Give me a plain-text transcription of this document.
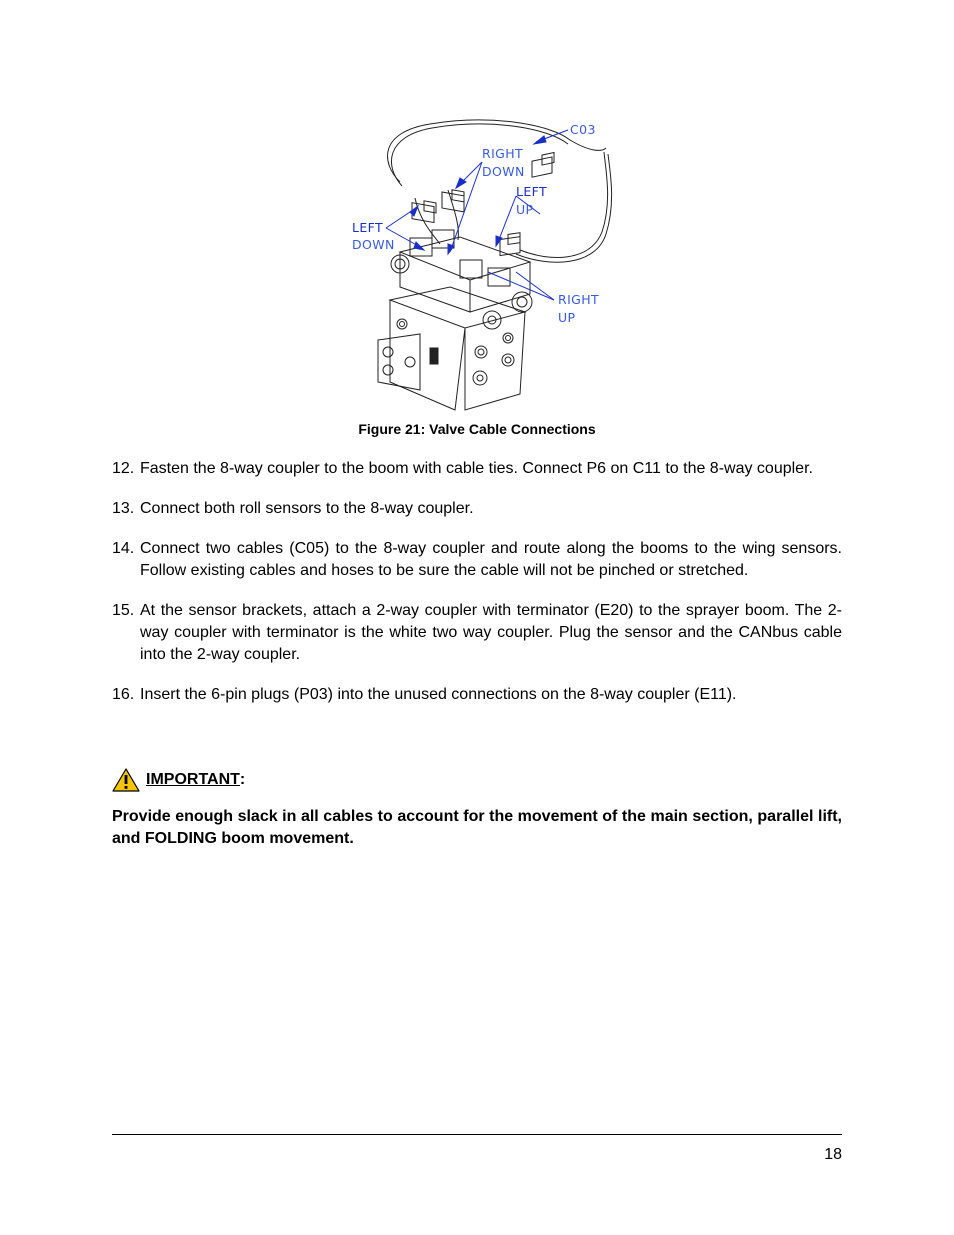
C03
RIGHT
DOWN
LEFT
UP
LEFT
DOWN
RIGHT
UP
Figure 21: Valve Cable Connections
12. Fasten the 8-way coupler to the boom with cable ties. Connect P6 on C11 to the 8-way coupler.
13. Connect both roll sensors to the 8-way coupler.
14. Connect two cables (C05) to the 8-way coupler and route along the booms to the wing sensors. Follow existing cables and hoses to be sure the cable will not be pinched or stretched.
15. At the sensor brackets, attach a 2-way coupler with terminator (E20) to the sprayer boom. The 2-way coupler with terminator is the white two way coupler. Plug the sensor and the CANbus cable into the 2-way coupler.
16. Insert the 6-pin plugs (P03) into the unused connections on the 8-way coupler (E11).
IMPORTANT :

Provide enough slack in all cables to account for the movement of the main section, parallel lift, and FOLDING boom movement.

18
